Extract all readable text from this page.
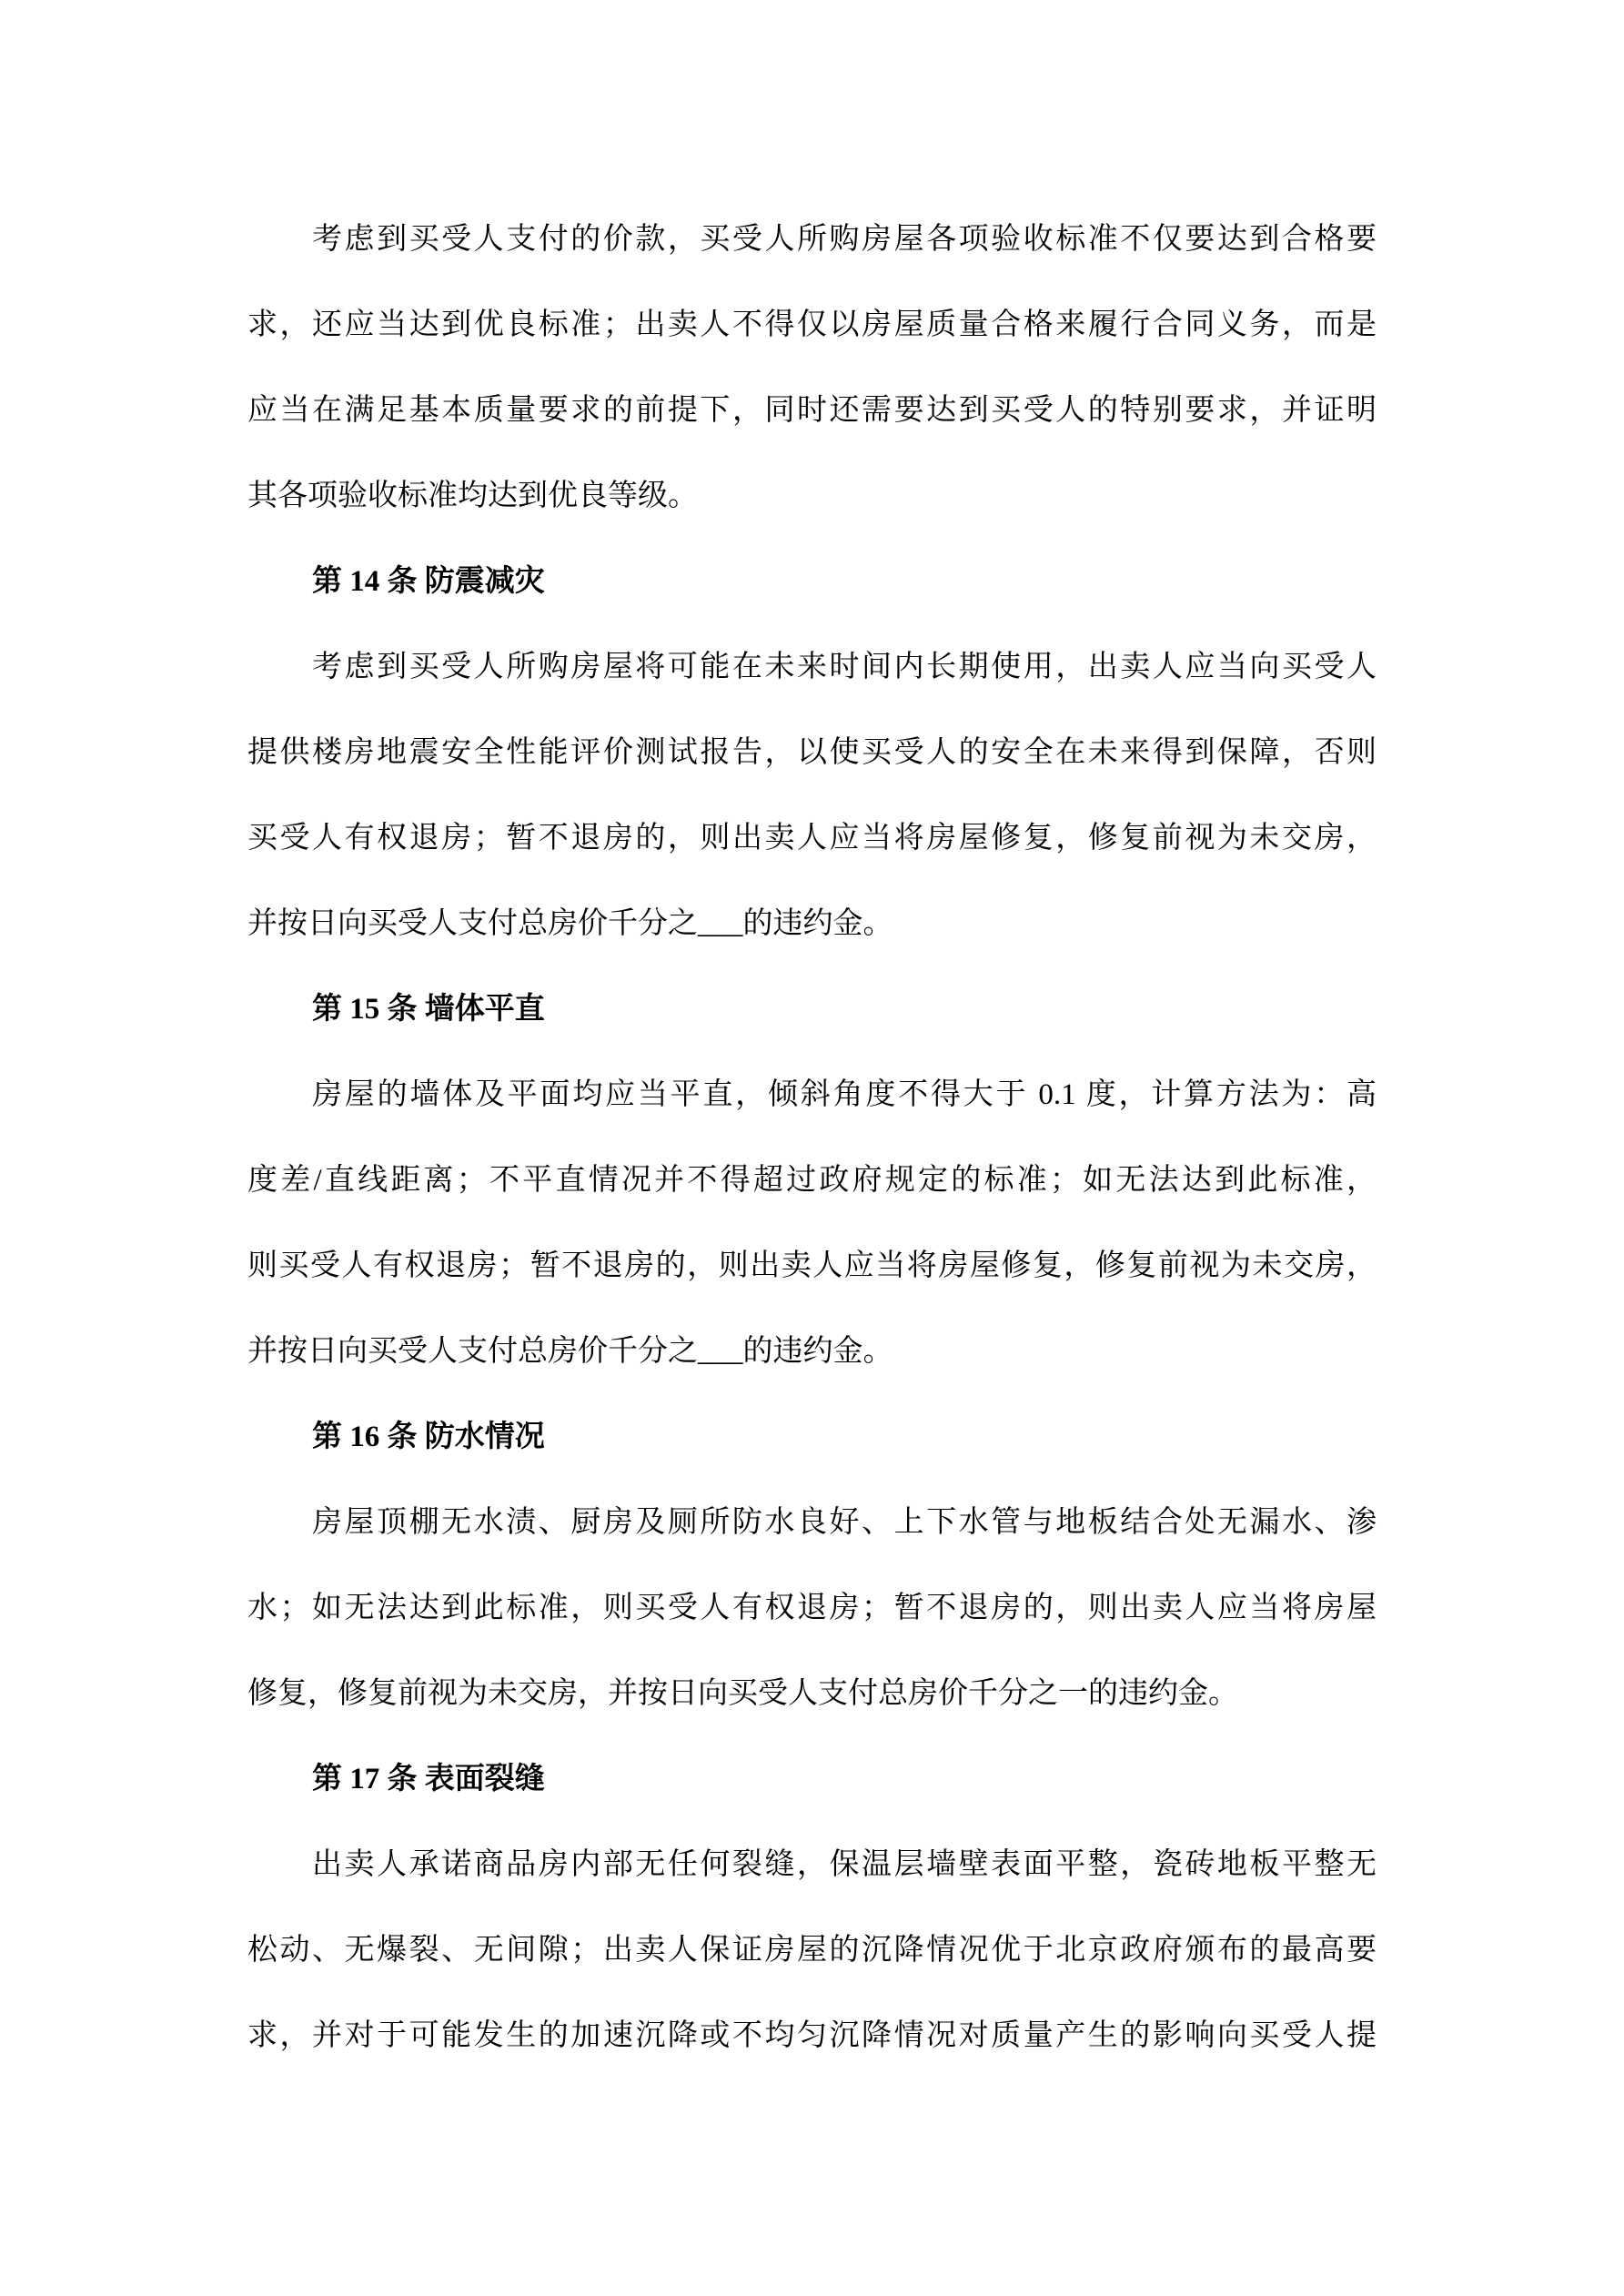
考虑到买受人支付的价款，买受人所购房屋各项验收标准不仅要达到合格要
求，还应当达到优良标准；出卖人不得仅以房屋质量合格来履行合同义务，而是
应当在满足基本质量要求的前提下，同时还需要达到买受人的特别要求，并证明
其各项验收标准均达到优良等级。
第 14 条 防震减灾
考虑到买受人所购房屋将可能在未来时间内长期使用，出卖人应当向买受人
提供楼房地震安全性能评价测试报告，以使买受人的安全在未来得到保障，否则
买受人有权退房；暂不退房的，则出卖人应当将房屋修复，修复前视为未交房，
并按日向买受人支付总房价千分之___的违约金。
第 15 条 墙体平直
房屋的墙体及平面均应当平直，倾斜角度不得大于 0.1 度，计算方法为：高
度差/直线距离；不平直情况并不得超过政府规定的标准；如无法达到此标准，
则买受人有权退房；暂不退房的，则出卖人应当将房屋修复，修复前视为未交房，
并按日向买受人支付总房价千分之___的违约金。
第 16 条 防水情况
房屋顶棚无水渍、厨房及厕所防水良好、上下水管与地板结合处无漏水、渗
水；如无法达到此标准，则买受人有权退房；暂不退房的，则出卖人应当将房屋
修复，修复前视为未交房，并按日向买受人支付总房价千分之一的违约金。
第 17 条 表面裂缝
出卖人承诺商品房内部无任何裂缝，保温层墙壁表面平整，瓷砖地板平整无
松动、无爆裂、无间隙；出卖人保证房屋的沉降情况优于北京政府颁布的最高要
求，并对于可能发生的加速沉降或不均匀沉降情况对质量产生的影响向买受人提
